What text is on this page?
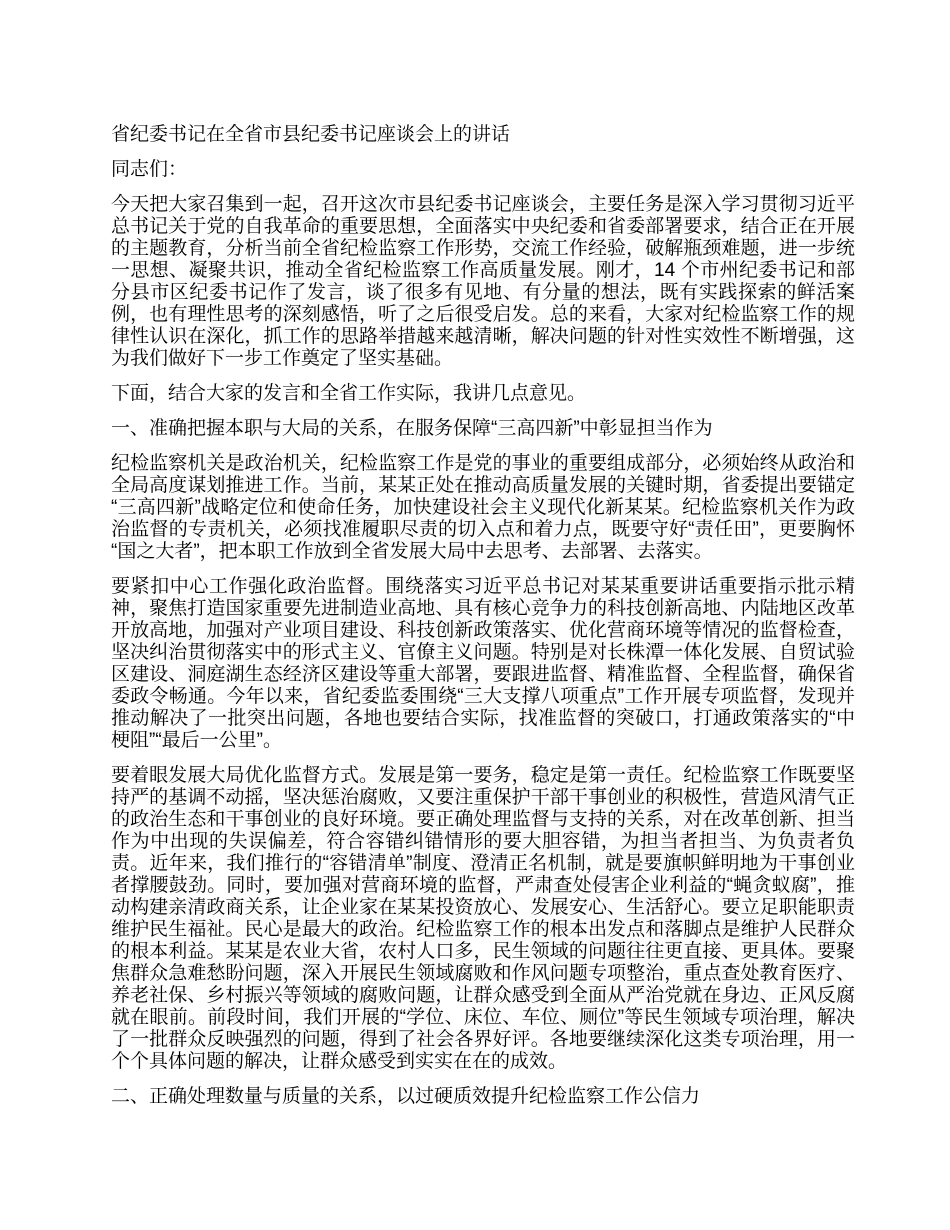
省纪委书记在全省市县纪委书记座谈会上的讲话

同志们：

今天把大家召集到一起，召开这次市县纪委书记座谈会，主要任务是深入学习贯彻习近平总书记关于党的自我革命的重要思想，全面落实中央纪委和省委部署要求，结合正在开展的主题教育，分析当前全省纪检监察工作形势，交流工作经验，破解瓶颈难题，进一步统一思想、凝聚共识，推动全省纪检监察工作高质量发展。刚才，14 个市州纪委书记和部分县市区纪委书记作了发言，谈了很多有见地、有分量的想法，既有实践探索的鲜活案例，也有理性思考的深刻感悟，听了之后很受启发。总的来看，大家对纪检监察工作的规律性认识在深化，抓工作的思路举措越来越清晰，解决问题的针对性实效性不断增强，这为我们做好下一步工作奠定了坚实基础。

下面，结合大家的发言和全省工作实际，我讲几点意见。

一、准确把握本职与大局的关系，在服务保障“三高四新”中彰显担当作为

纪检监察机关是政治机关，纪检监察工作是党的事业的重要组成部分，必须始终从政治和全局高度谋划推进工作。当前，某某正处在推动高质量发展的关键时期，省委提出要锚定“三高四新”战略定位和使命任务，加快建设社会主义现代化新某某。纪检监察机关作为政治监督的专责机关，必须找准履职尽责的切入点和着力点，既要守好“责任田”，更要胸怀“国之大者”，把本职工作放到全省发展大局中去思考、去部署、去落实。

要紧扣中心工作强化政治监督。围绕落实习近平总书记对某某重要讲话重要指示批示精神，聚焦打造国家重要先进制造业高地、具有核心竞争力的科技创新高地、内陆地区改革开放高地，加强对产业项目建设、科技创新政策落实、优化营商环境等情况的监督检查，坚决纠治贯彻落实中的形式主义、官僚主义问题。特别是对长株潭一体化发展、自贸试验区建设、洞庭湖生态经济区建设等重大部署，要跟进监督、精准监督、全程监督，确保省委政令畅通。今年以来，省纪委监委围绕“三大支撑八项重点”工作开展专项监督，发现并推动解决了一批突出问题，各地也要结合实际，找准监督的突破口，打通政策落实的“中梗阻”“最后一公里”。

要着眼发展大局优化监督方式。发展是第一要务，稳定是第一责任。纪检监察工作既要坚持严的基调不动摇，坚决惩治腐败，又要注重保护干部干事创业的积极性，营造风清气正的政治生态和干事创业的良好环境。要正确处理监督与支持的关系，对在改革创新、担当作为中出现的失误偏差，符合容错纠错情形的要大胆容错，为担当者担当、为负责者负责。近年来，我们推行的“容错清单”制度、澄清正名机制，就是要旗帜鲜明地为干事创业者撑腰鼓劲。同时，要加强对营商环境的监督，严肃查处侵害企业利益的“蝇贪蚁腐”，推动构建亲清政商关系，让企业家在某某投资放心、发展安心、生活舒心。要立足职能职责维护民生福祉。民心是最大的政治。纪检监察工作的根本出发点和落脚点是维护人民群众的根本利益。某某是农业大省，农村人口多，民生领域的问题往往更直接、更具体。要聚焦群众急难愁盼问题，深入开展民生领域腐败和作风问题专项整治，重点查处教育医疗、养老社保、乡村振兴等领域的腐败问题，让群众感受到全面从严治党就在身边、正风反腐就在眼前。前段时间，我们开展的“学位、床位、车位、厕位”等民生领域专项治理，解决了一批群众反映强烈的问题，得到了社会各界好评。各地要继续深化这类专项治理，用一个个具体问题的解决，让群众感受到实实在在的成效。

二、正确处理数量与质量的关系，以过硬质效提升纪检监察工作公信力
